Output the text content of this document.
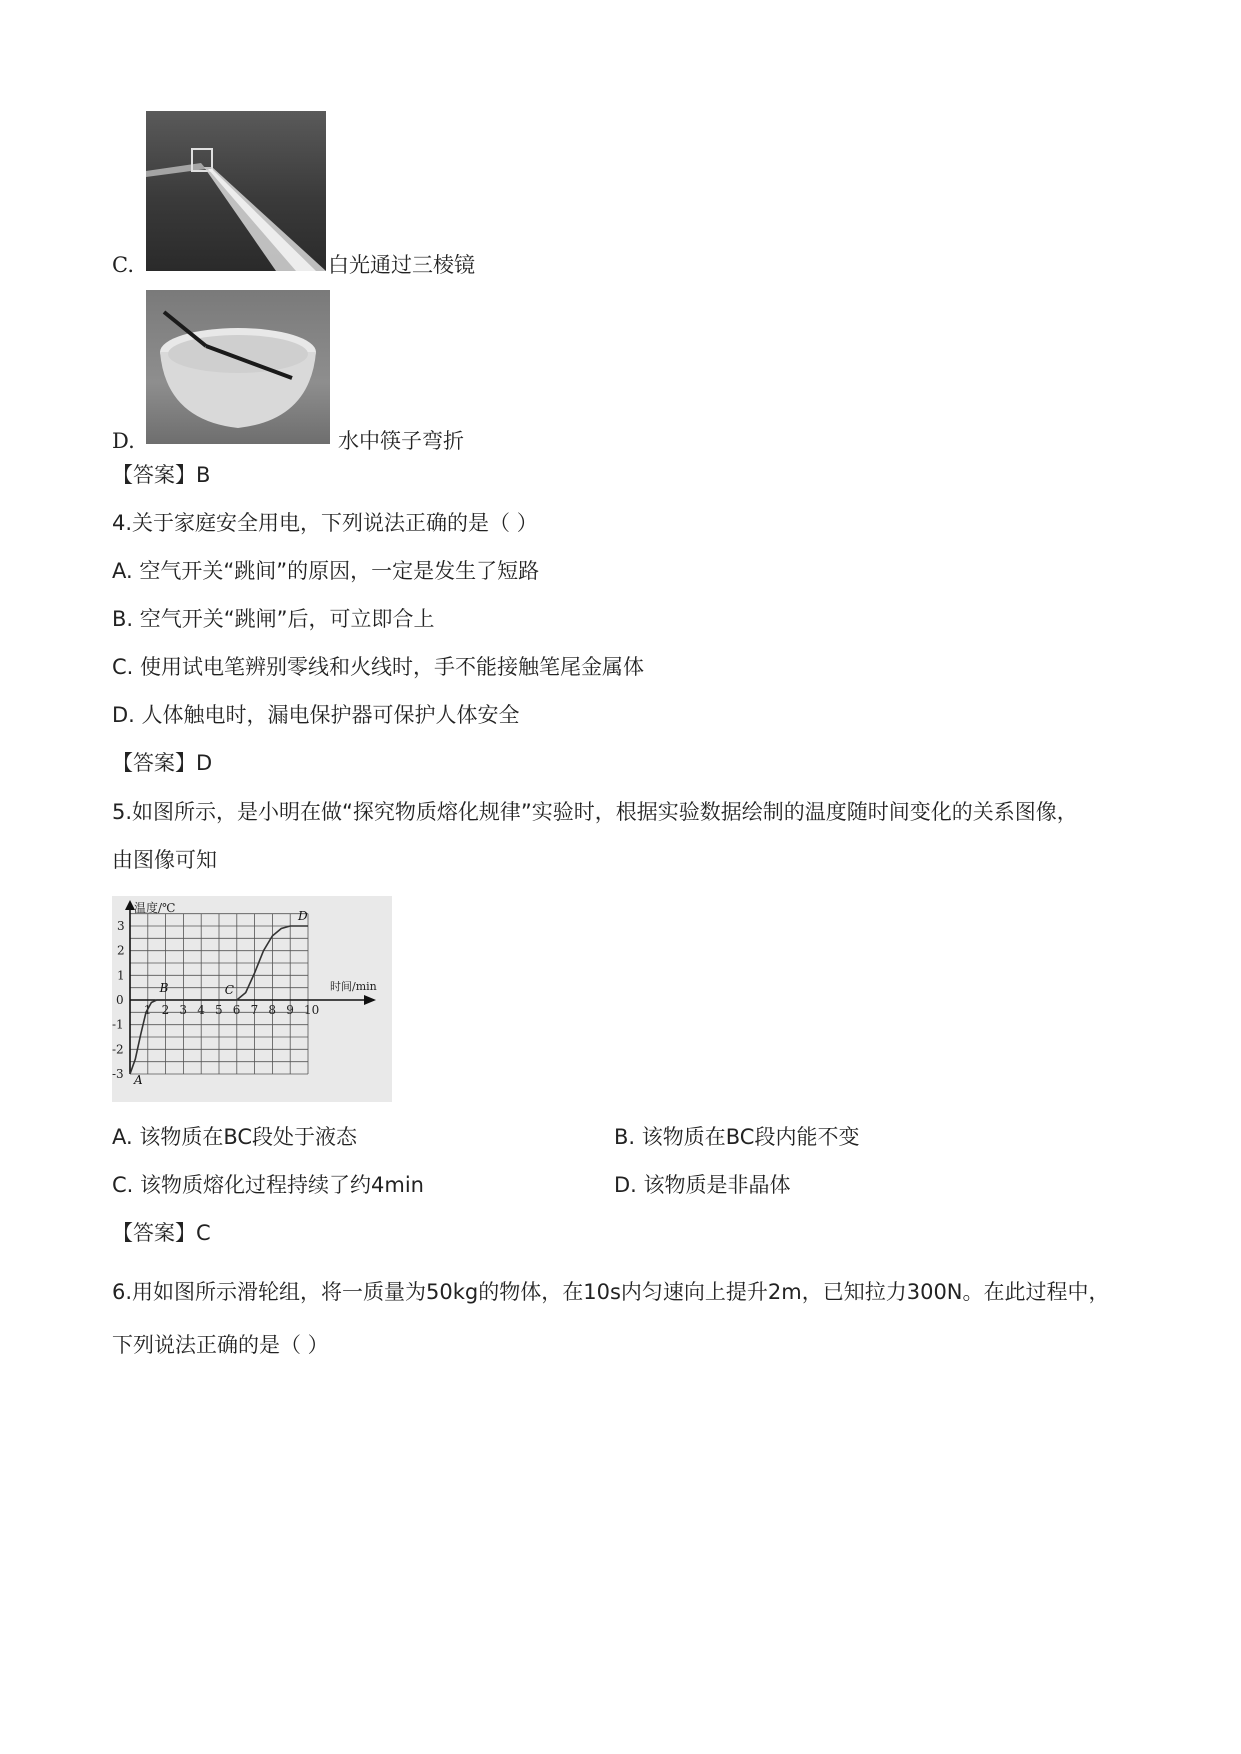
C.	白光通过三棱镜
D.	水中筷子弯折
【答案】B
4.关于家庭安全用电，下列说法正确的是（ ）
A. 空气开关“跳间”的原因，一定是发生了短路
B. 空气开关“跳闸”后，可立即合上
C. 使用试电笔辨别零线和火线时，手不能接触笔尾金属体
D. 人体触电时，漏电保护器可保护人体安全
【答案】D
5.如图所示，是小明在做“探究物质熔化规律”实验时，根据实验数据绘制的温度随时间变化的关系图像，
由图像可知
1 2 3 4 5 6 7 8 9 10
0
3
2
1
-1
-2
-3 A
B	C
D
温度/℃
时间/min
A. 该物质在BC段处于液态	B. 该物质在BC段内能不变
C. 该物质熔化过程持续了约4min	D. 该物质是非晶体
【答案】C
6.用如图所示滑轮组，将一质量为50kg的物体，在10s内匀速向上提升2m，已知拉力300N。在此过程中，
下列说法正确的是（ ）
